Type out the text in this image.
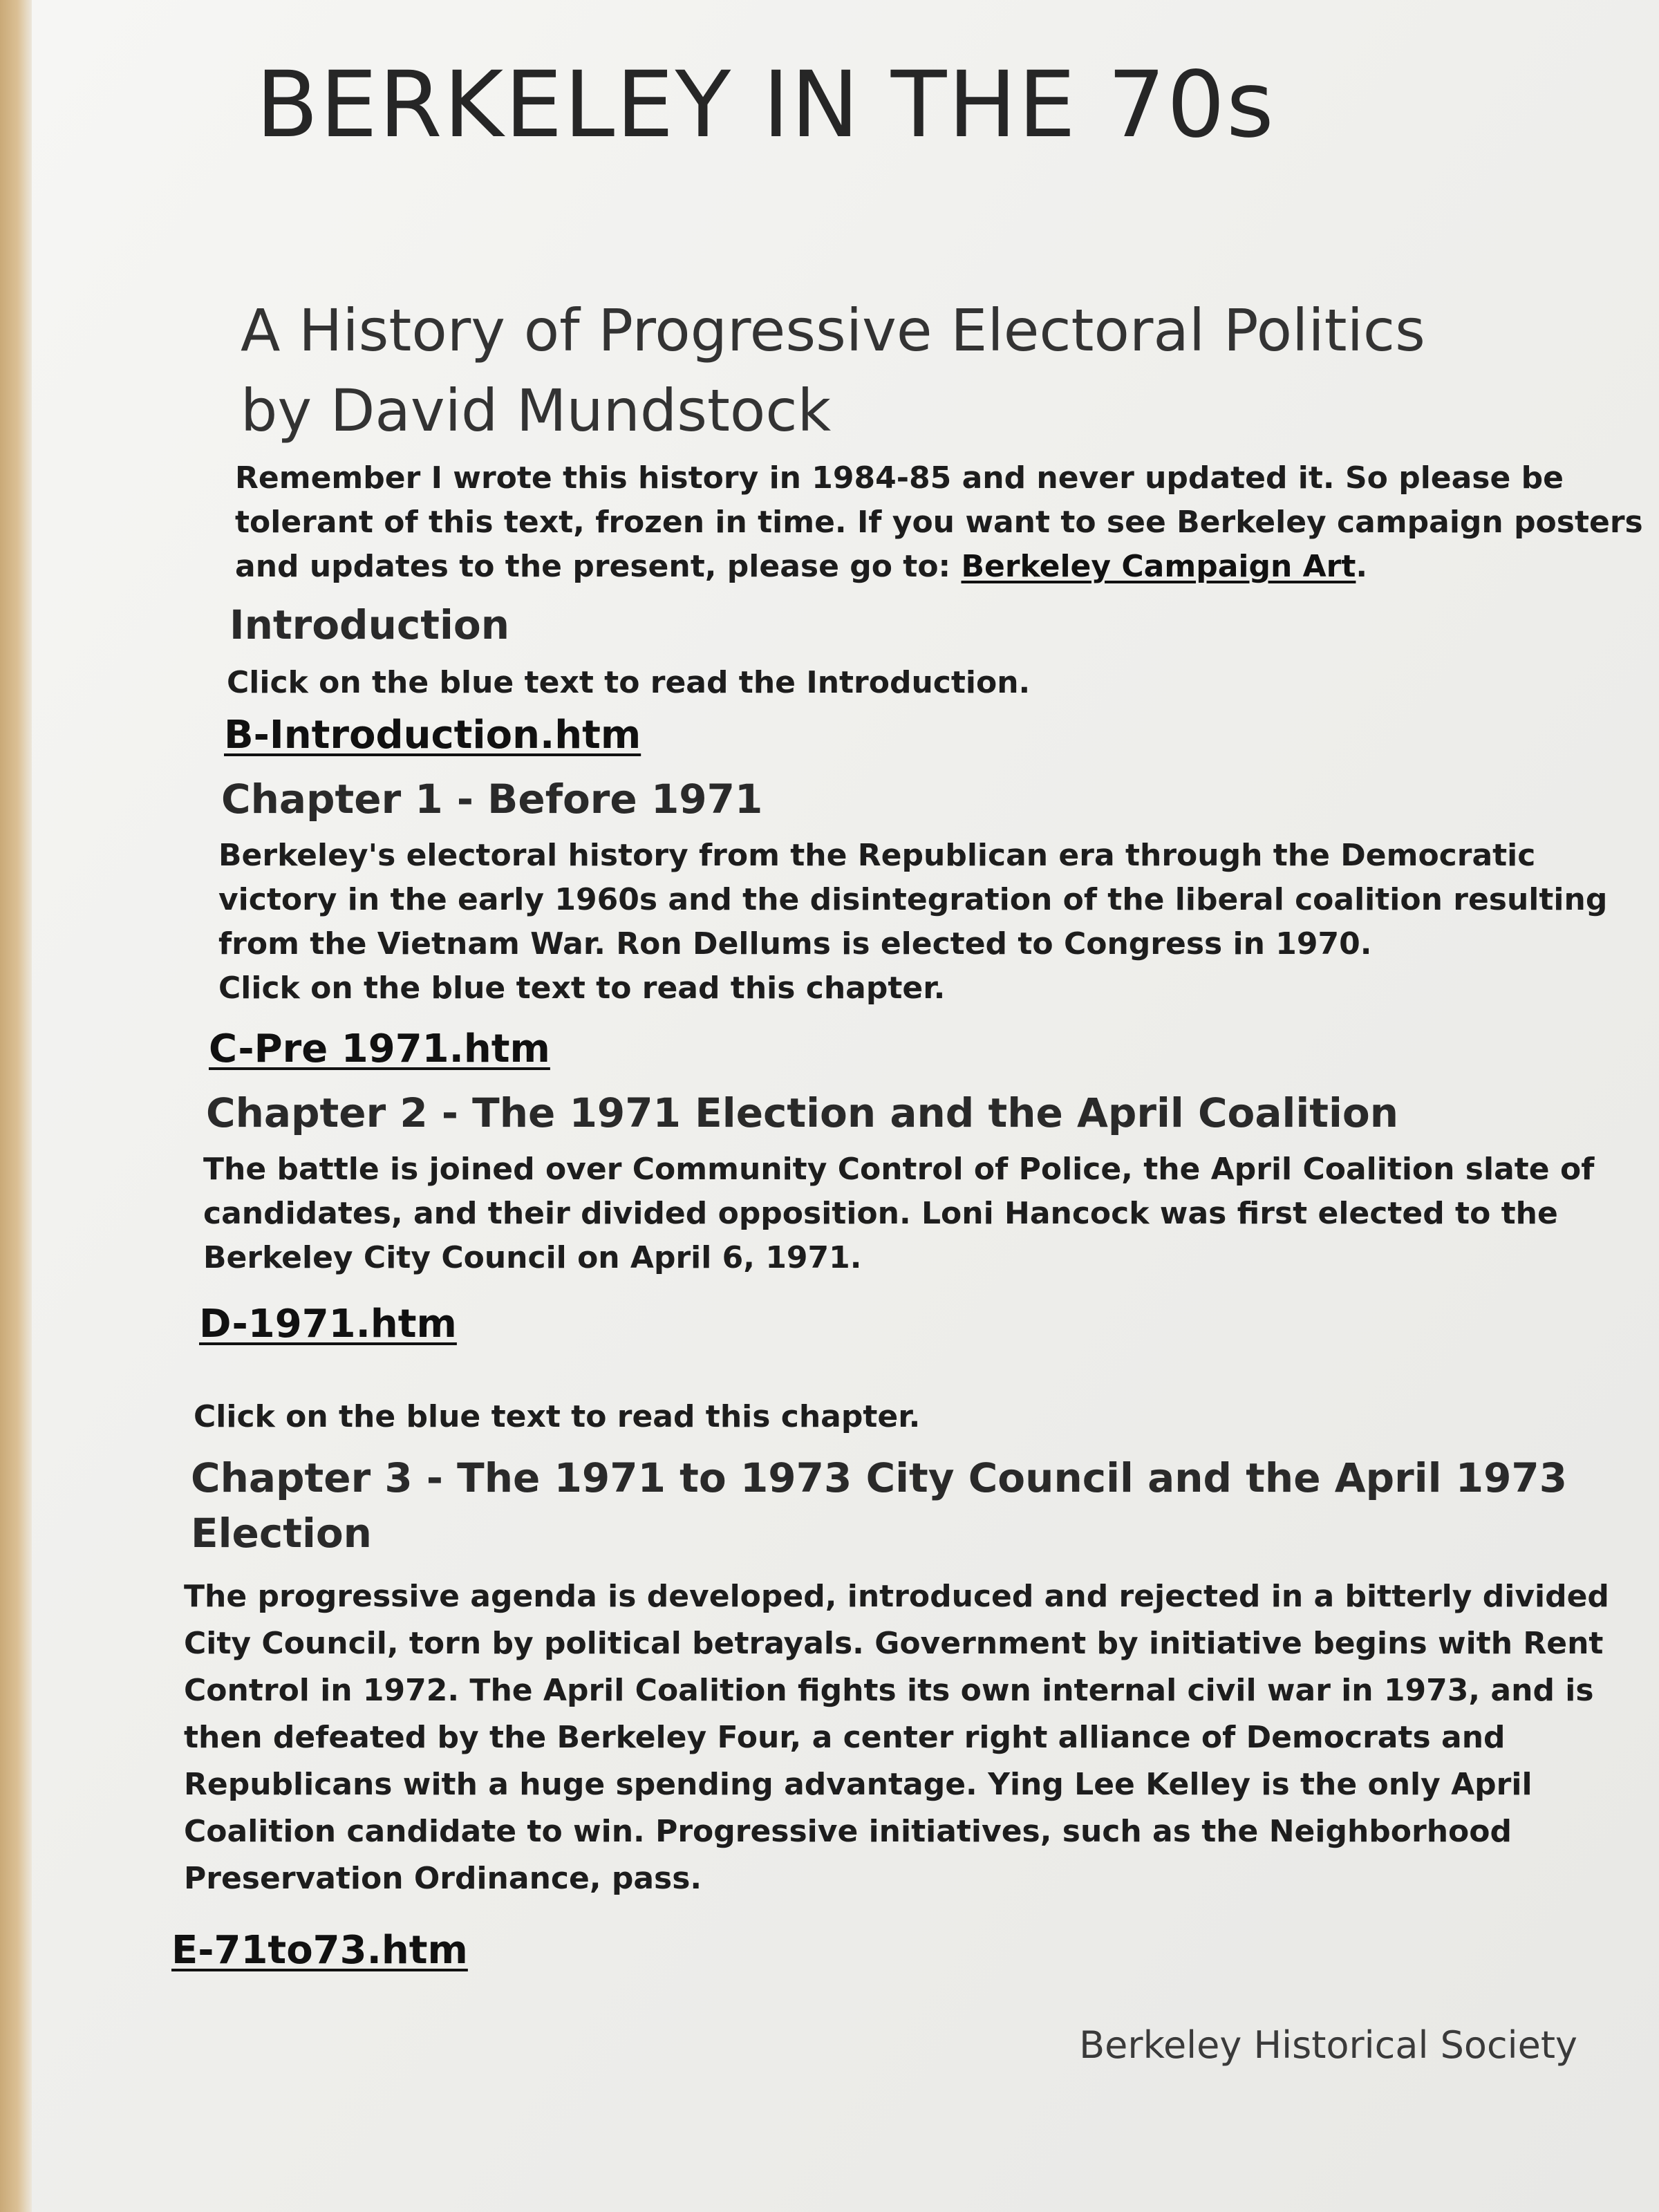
BERKELEY IN THE 70s
A History of Progressive Electoral Politics
by David Mundstock
Remember I wrote this history in 1984-85 and never updated it. So please be
tolerant of this text, frozen in time. If you want to see Berkeley campaign posters
and updates to the present, please go to: Berkeley Campaign Art.
Introduction
Click on the blue text to read the Introduction.
B-Introduction.htm
Chapter 1 - Before 1971
Berkeley's electoral history from the Republican era through the Democratic
victory in the early 1960s and the disintegration of the liberal coalition resulting
from the Vietnam War. Ron Dellums is elected to Congress in 1970.
Click on the blue text to read this chapter.
C-Pre 1971.htm
Chapter 2 - The 1971 Election and the April Coalition
The battle is joined over Community Control of Police, the April Coalition slate of
candidates, and their divided opposition. Loni Hancock was first elected to the
Berkeley City Council on April 6, 1971.
D-1971.htm
Click on the blue text to read this chapter.
Chapter 3 - The 1971 to 1973 City Council and the April 1973
Election
The progressive agenda is developed, introduced and rejected in a bitterly divided
City Council, torn by political betrayals. Government by initiative begins with Rent
Control in 1972. The April Coalition fights its own internal civil war in 1973, and is
then defeated by the Berkeley Four, a center right alliance of Democrats and
Republicans with a huge spending advantage. Ying Lee Kelley is the only April
Coalition candidate to win. Progressive initiatives, such as the Neighborhood
Preservation Ordinance, pass.
E-71to73.htm
Berkeley Historical Society
